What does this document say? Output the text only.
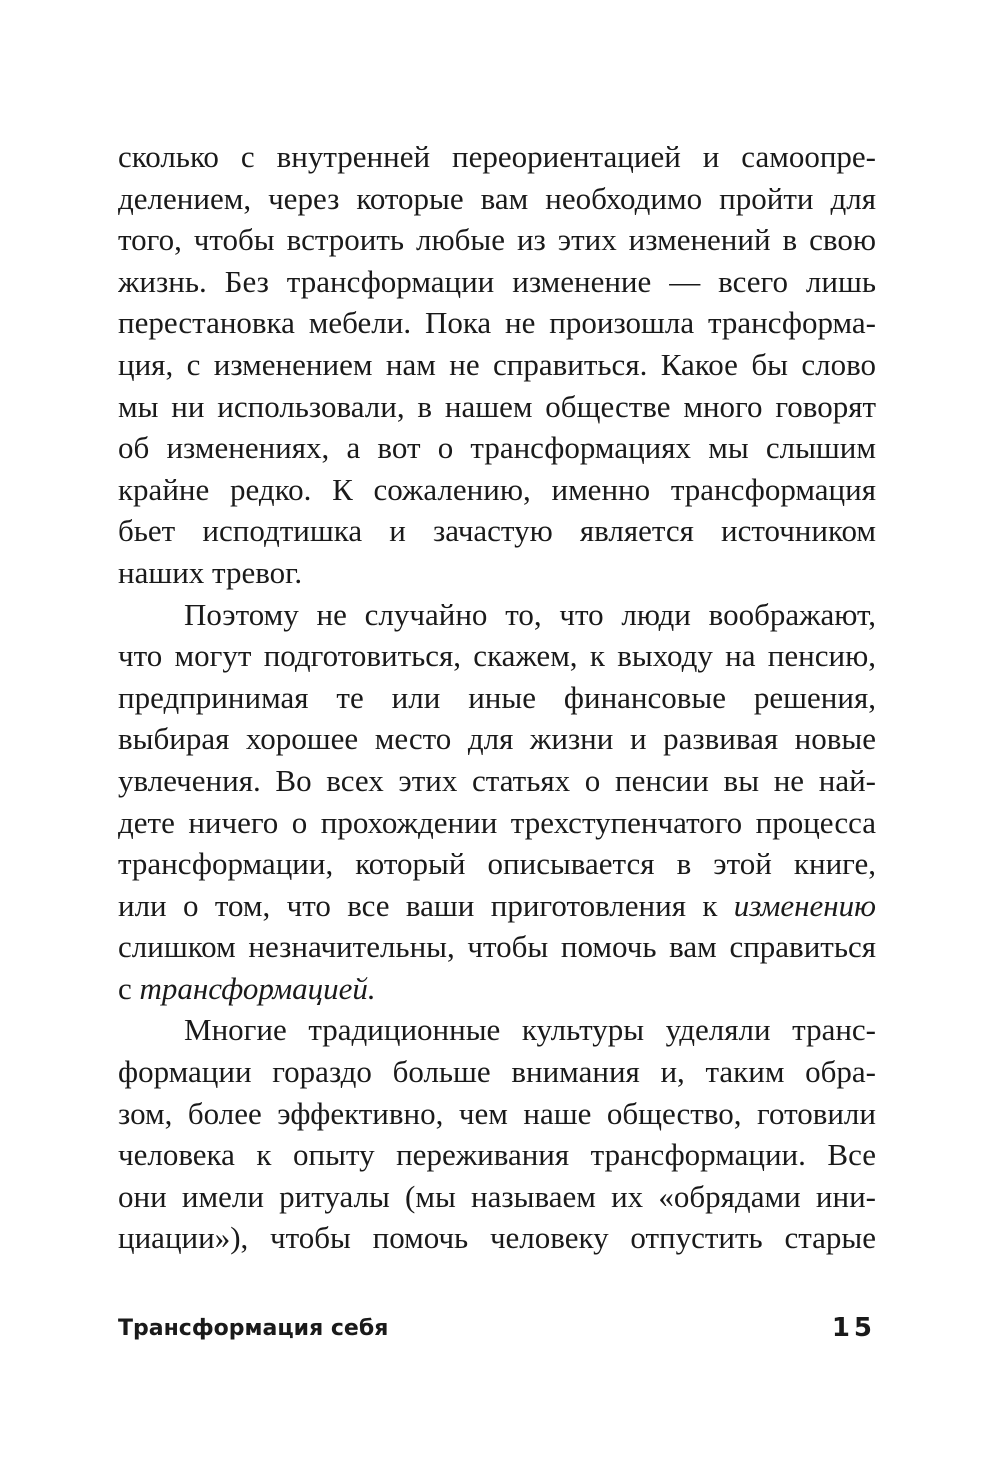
сколько с внутренней переориентацией и самоопре-
делением, через которые вам необходимо пройти для
того, чтобы встроить любые из этих изменений в свою
жизнь. Без трансформации изменение — всего лишь
перестановка мебели. Пока не произошла трансформа-
ция, с изменением нам не справиться. Какое бы слово
мы ни использовали, в нашем обществе много говорят
об изменениях, а вот о трансформациях мы слышим
крайне редко. К сожалению, именно трансформация
бьет исподтишка и зачастую является источником
наших тревог.
Поэтому не случайно то, что люди воображают,
что могут подготовиться, скажем, к выходу на пенсию,
предпринимая те или иные финансовые решения,
выбирая хорошее место для жизни и развивая новые
увлечения. Во всех этих статьях о пенсии вы не най-
дете ничего о прохождении трехступенчатого процесса
трансформации, который описывается в этой книге,
или о том, что все ваши приготовления к изменению
слишком незначительны, чтобы помочь вам справиться
с трансформацией.
Многие традиционные культуры уделяли транс-
формации гораздо больше внимания и, таким обра-
зом, более эффективно, чем наше общество, готовили
человека к опыту переживания трансформации. Все
они имели ритуалы (мы называем их «обрядами ини-
циации»), чтобы помочь человеку отпустить старые
Трансформация себя	15
